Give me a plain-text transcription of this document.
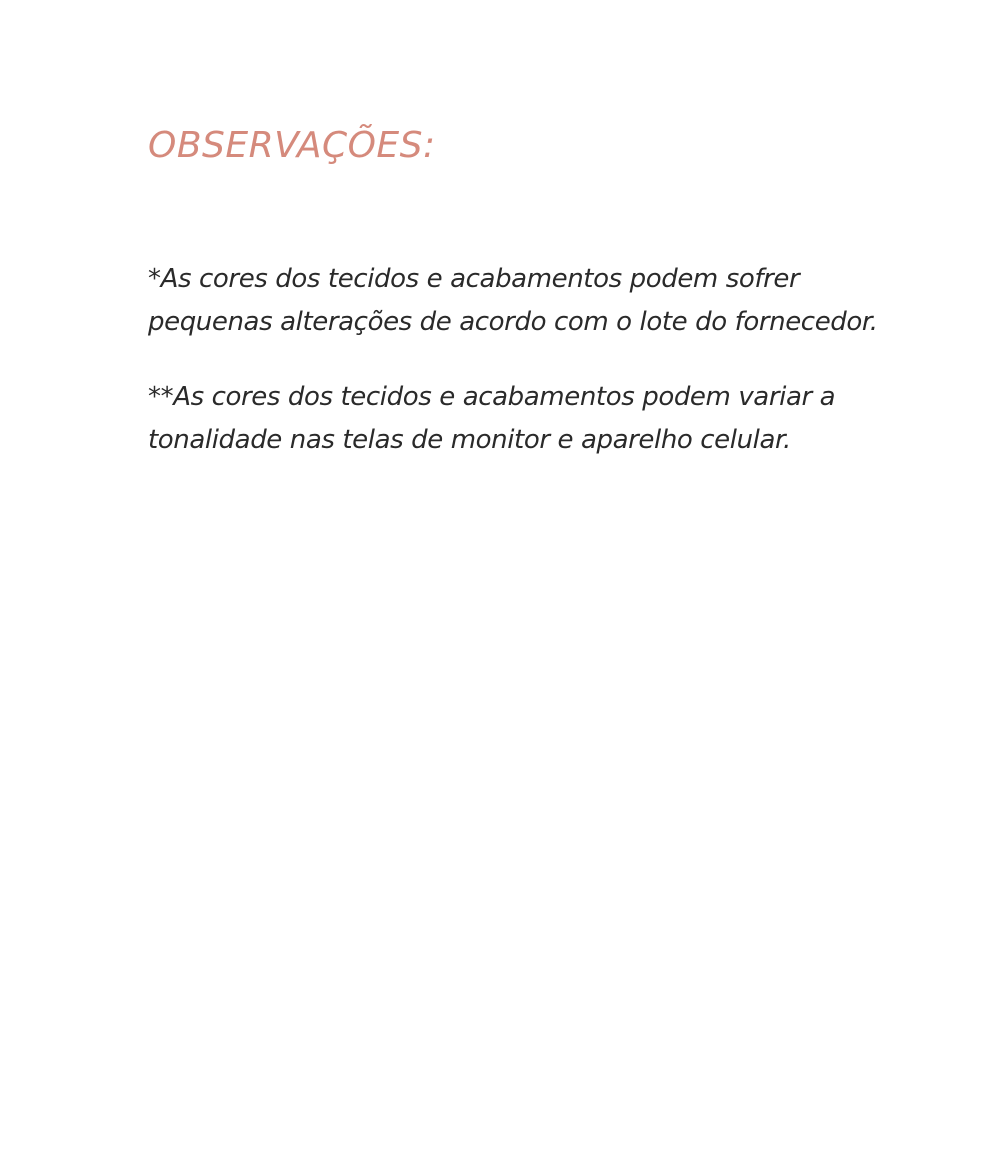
OBSERVAÇÕES:

*As cores dos tecidos e acabamentos podem sofrer
pequenas alterações de acordo com o lote do fornecedor.

**As cores dos tecidos e acabamentos podem variar a
tonalidade nas telas de monitor e aparelho celular.
